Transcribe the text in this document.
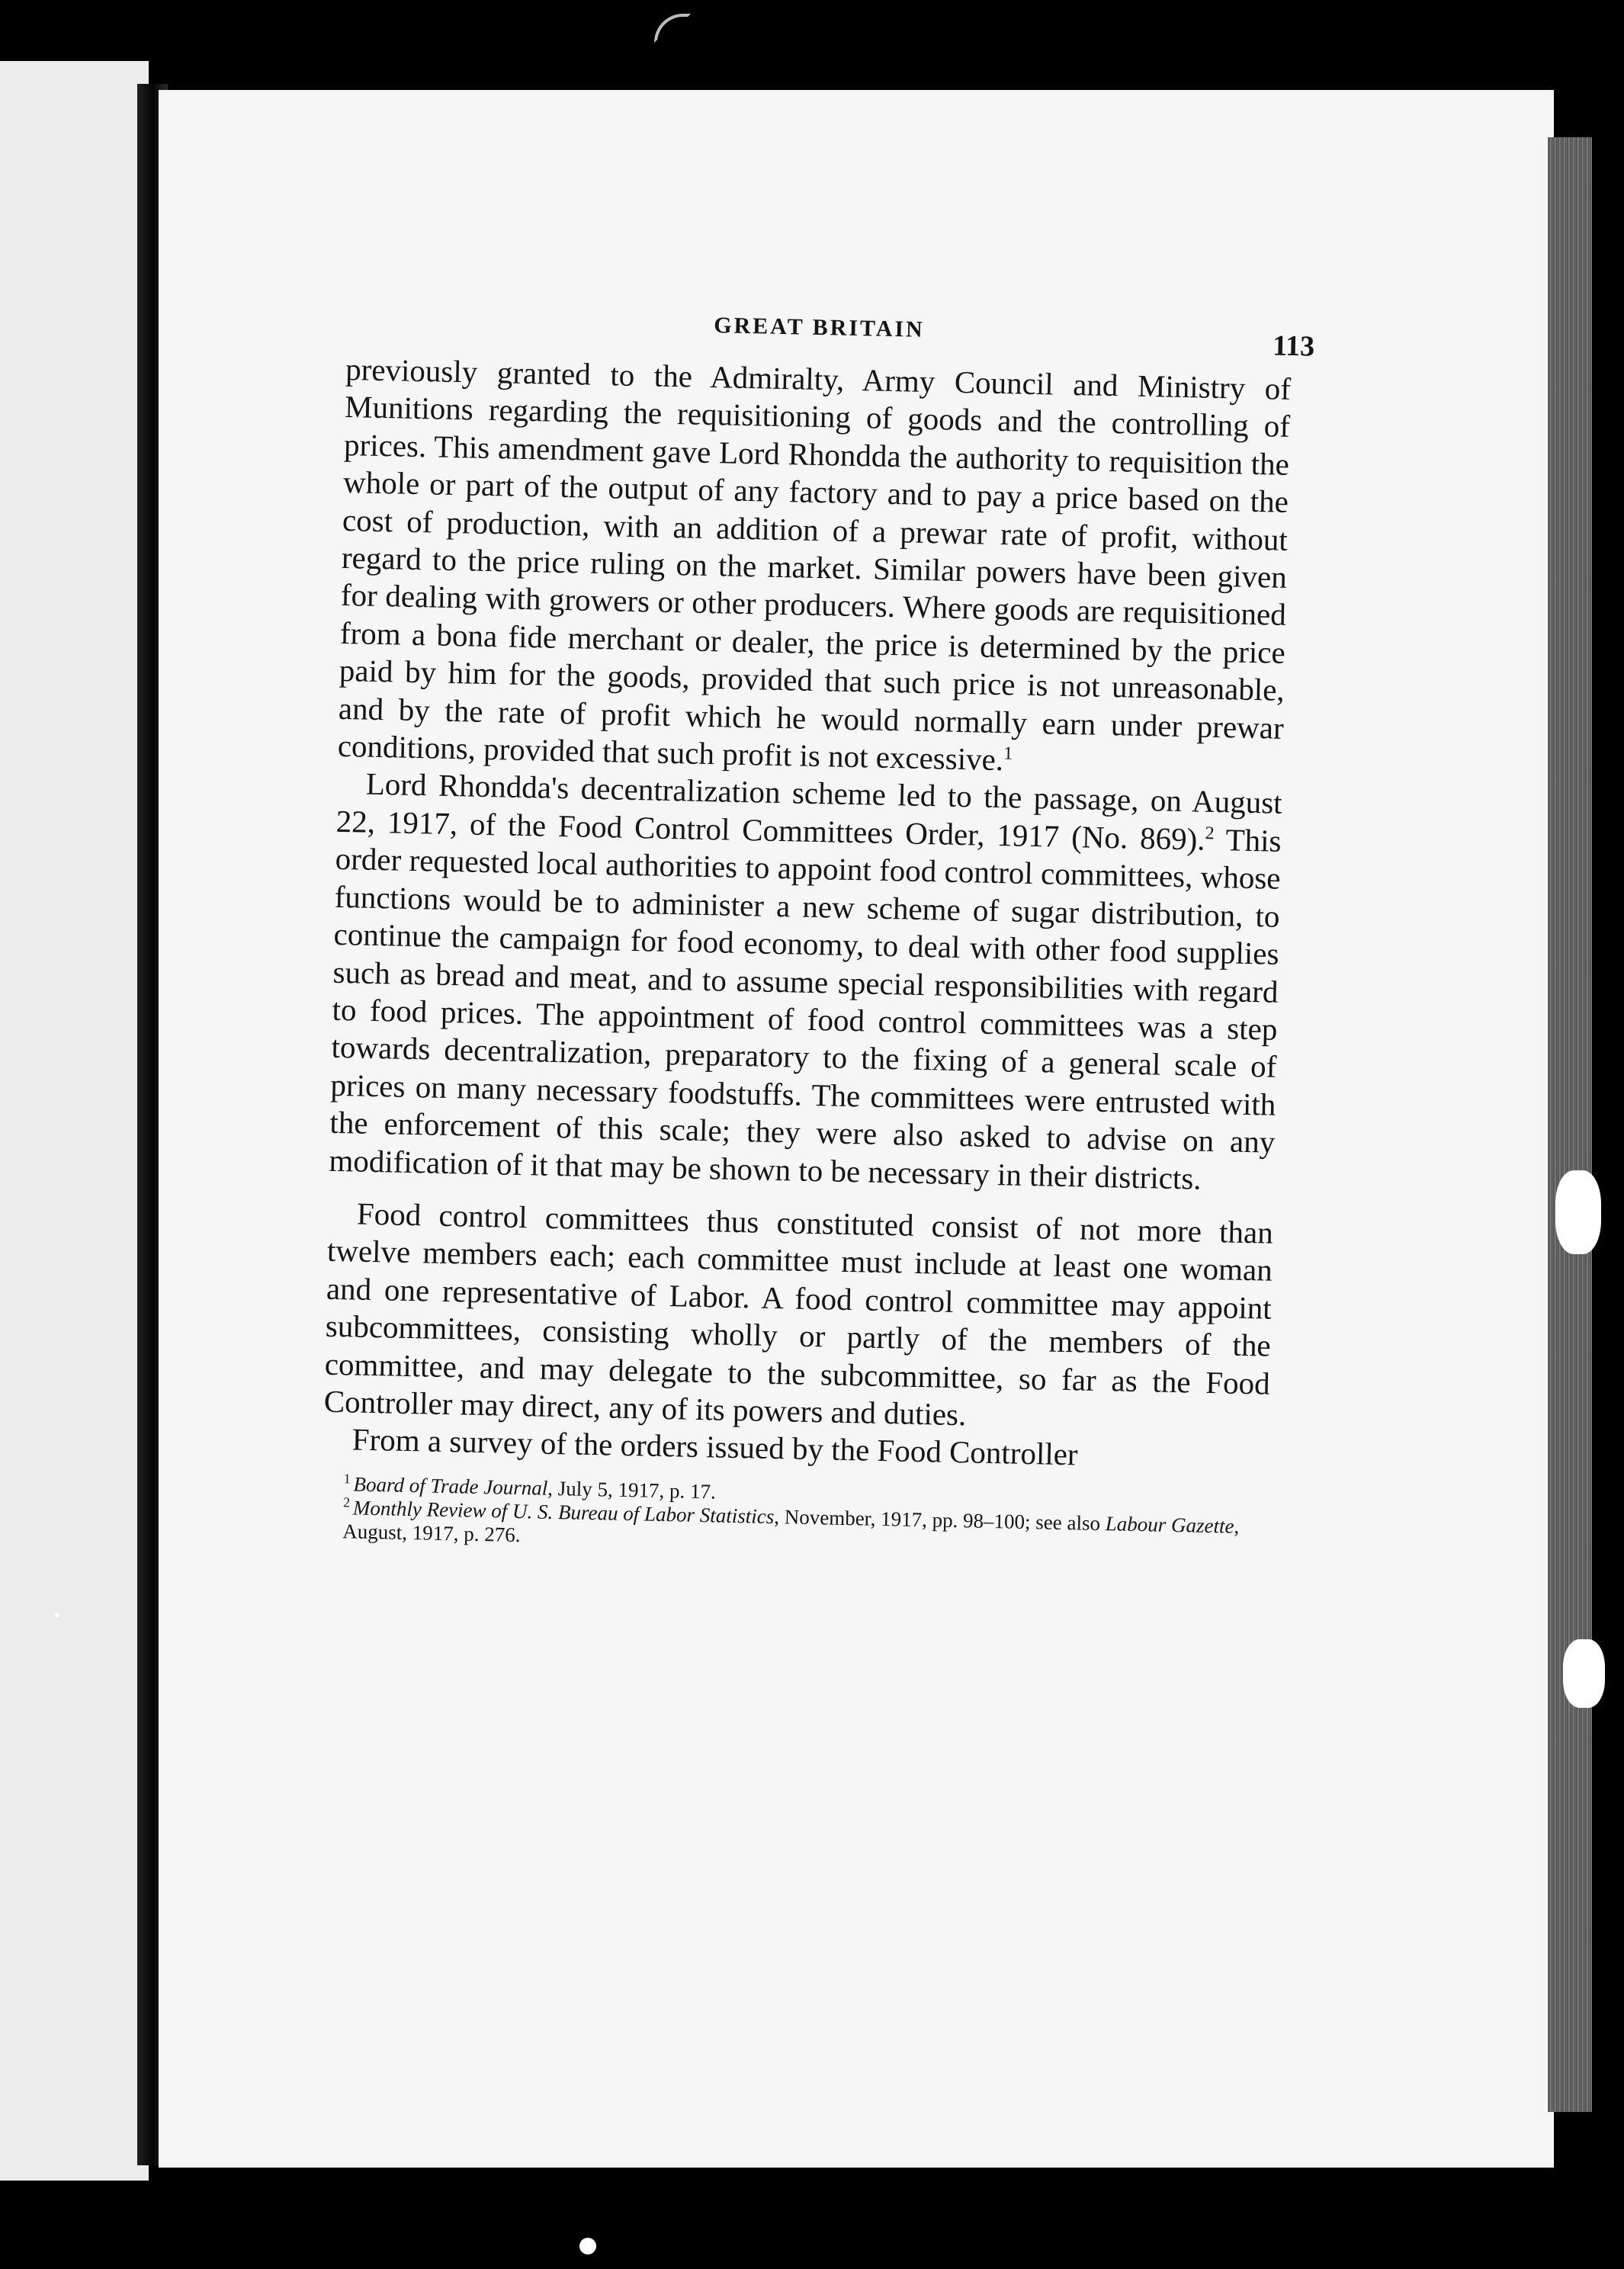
GREAT BRITAIN
113

previously granted to the Admiralty, Army Council and Ministry of Munitions regarding the requisitioning of goods and the controlling of prices. This amendment gave Lord Rhondda the authority to requisition the whole or part of the output of any factory and to pay a price based on the cost of production, with an addition of a prewar rate of profit, without regard to the price ruling on the market. Similar powers have been given for dealing with growers or other producers. Where goods are requisitioned from a bona fide merchant or dealer, the price is determined by the price paid by him for the goods, provided that such price is not unreasonable, and by the rate of profit which he would normally earn under prewar conditions, provided that such profit is not excessive.$^1$

Lord Rhondda's decentralization scheme led to the passage, on August 22, 1917, of the Food Control Committees Order, 1917 (No. 869).$^2$ This order requested local authorities to appoint food control committees, whose functions would be to administer a new scheme of sugar distribution, to continue the campaign for food economy, to deal with other food supplies such as bread and meat, and to assume special responsibilities with regard to food prices. The appointment of food control committees was a step towards decentralization, preparatory to the fixing of a general scale of prices on many necessary foodstuffs. The committees were entrusted with the enforcement of this scale; they were also asked to advise on any modification of it that may be shown to be necessary in their districts.

Food control committees thus constituted consist of not more than twelve members each; each committee must include at least one woman and one representative of Labor. A food control committee may appoint subcommittees, consisting wholly or partly of the members of the committee, and may delegate to the subcommittee, so far as the Food Controller may direct, any of its powers and duties.

From a survey of the orders issued by the Food Controller

$^1$ Board of Trade Journal, July 5, 1917, p. 17.

$^2$ Monthly Review of U. S. Bureau of Labor Statistics, November, 1917, pp. 98–100; see also Labour Gazette, August, 1917, p. 276.
